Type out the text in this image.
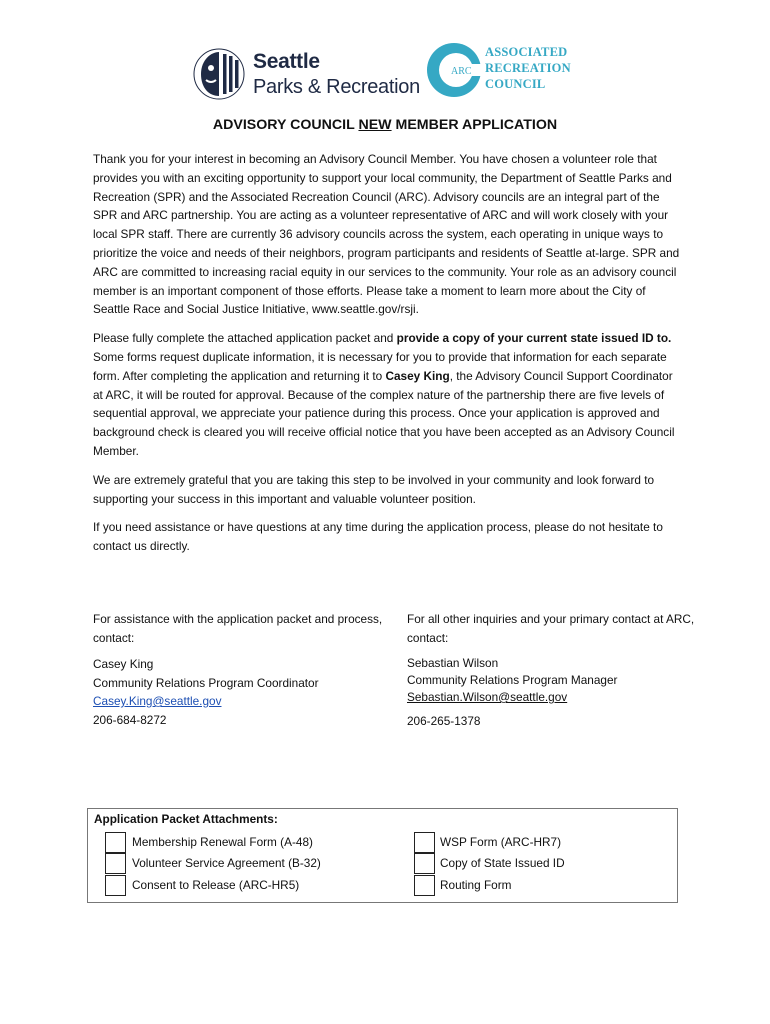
Seattle
Parks & Recreation
ARC
ASSOCIATED
RECREATION
COUNCIL
ADVISORY COUNCIL NEW MEMBER APPLICATION

Thank you for your interest in becoming an Advisory Council Member. You have chosen a volunteer role that provides you with an exciting opportunity to support your local community, the Department of Seattle Parks and Recreation (SPR) and the Associated Recreation Council (ARC). Advisory councils are an integral part of the SPR and ARC partnership. You are acting as a volunteer representative of ARC and will work closely with your local SPR staff. There are currently 36 advisory councils across the system, each operating in unique ways to prioritize the voice and needs of their neighbors, program participants and residents of Seattle at-large. SPR and ARC are committed to increasing racial equity in our services to the community. Your role as an advisory council member is an important component of those efforts. Please take a moment to learn more about the City of Seattle Race and Social Justice Initiative, www.seattle.gov/rsji.

Please fully complete the attached application packet and provide a copy of your current state issued ID to. Some forms request duplicate information, it is necessary for you to provide that information for each separate form. After completing the application and returning it to Casey King, the Advisory Council Support Coordinator at ARC, it will be routed for approval. Because of the complex nature of the partnership there are five levels of sequential approval, we appreciate your patience during this process. Once your application is approved and background check is cleared you will receive official notice that you have been accepted as an Advisory Council Member.

We are extremely grateful that you are taking this step to be involved in your community and look forward to supporting your success in this important and valuable volunteer position.

If you need assistance or have questions at any time during the application process, please do not hesitate to contact us directly.

For assistance with the application packet and process, contact:
Casey King
Community Relations Program Coordinator
Casey.King@seattle.gov
206-684-8272
For all other inquiries and your primary contact at ARC, contact:
Sebastian Wilson
Community Relations Program Manager
Sebastian.Wilson@seattle.gov
206-265-1378
Application Packet Attachments:
Membership Renewal Form (A-48)
Volunteer Service Agreement (B-32)
Consent to Release (ARC-HR5)
WSP Form (ARC-HR7)
Copy of State Issued ID
Routing Form
